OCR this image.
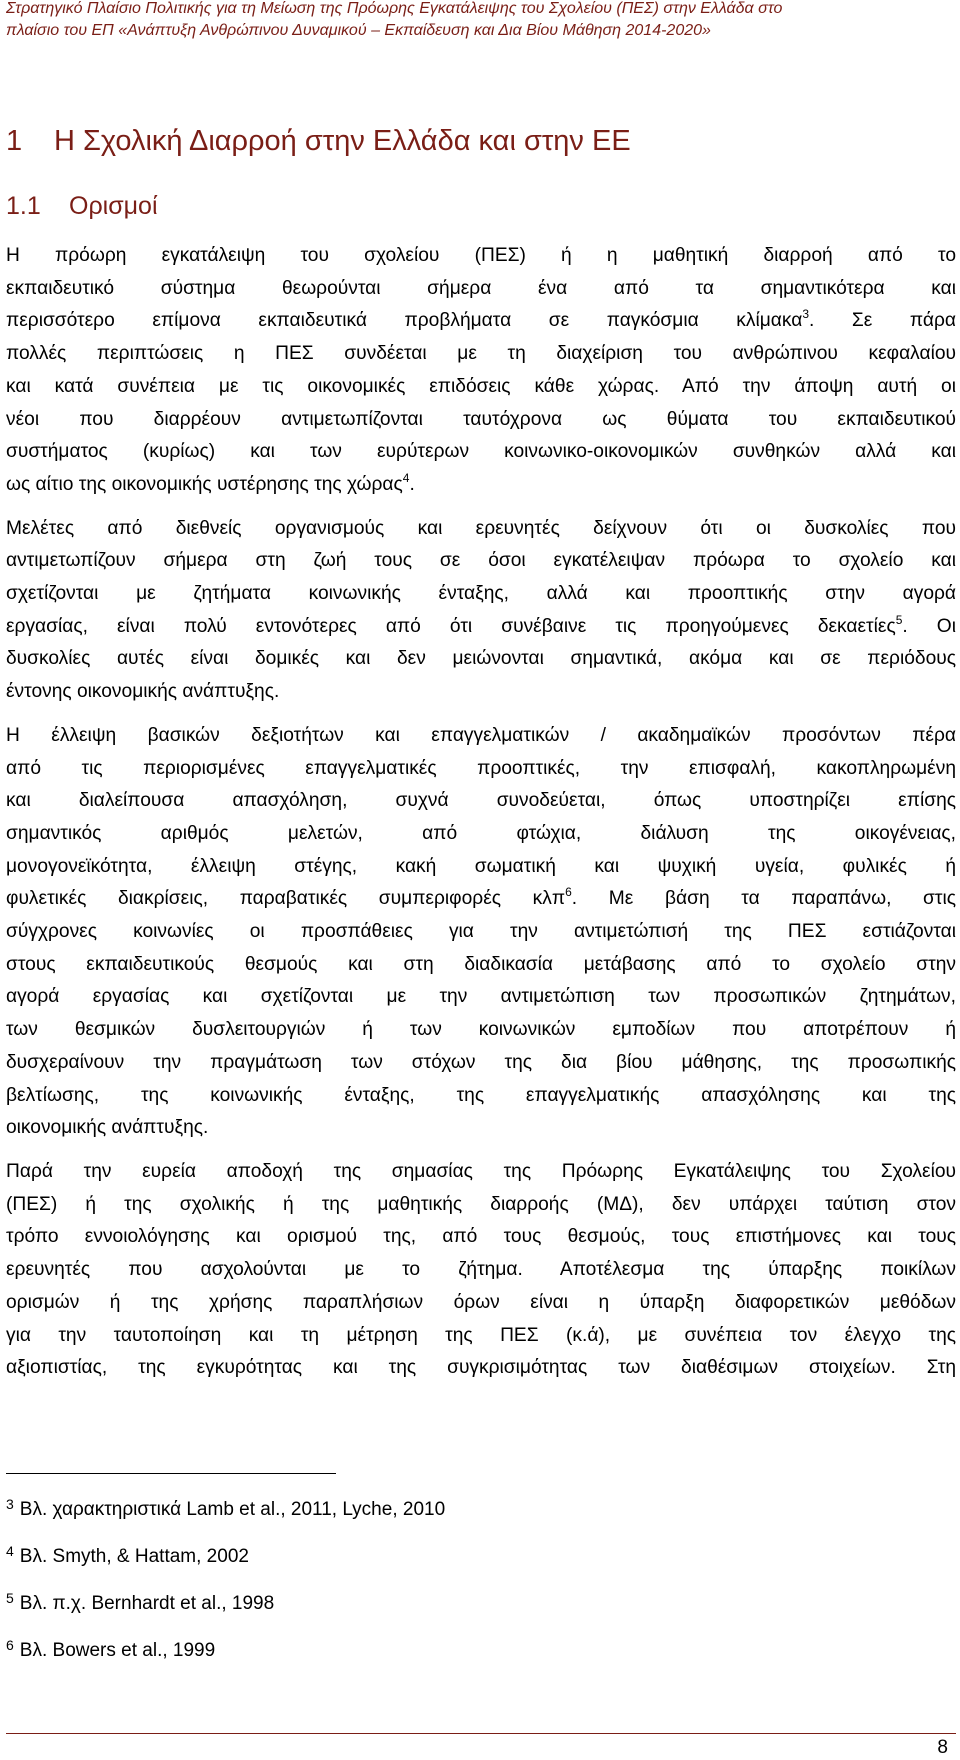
Στρατηγικό Πλαίσιο Πολιτικής για τη Μείωση της Πρόωρης Εγκατάλειψης του Σχολείου (ΠΕΣ) στην Ελλάδα στο
πλαίσιο του ΕΠ «Ανάπτυξη Ανθρώπινου Δυναμικού – Εκπαίδευση και Δια Βίου Μάθηση 2014-2020»
1 Η Σχολική Διαρροή στην Ελλάδα και στην ΕΕ
1.1 Ορισμοί

Η πρόωρη εγκατάλειψη του σχολείου (ΠΕΣ) ή η μαθητική διαρροή από το
εκπαιδευτικό σύστημα θεωρούνται σήμερα ένα από τα σημαντικότερα και
περισσότερο επίμονα εκπαιδευτικά προβλήματα σε παγκόσμια κλίμακα$^3$. Σε πάρα
πολλές περιπτώσεις η ΠΕΣ συνδέεται με τη διαχείριση του ανθρώπινου κεφαλαίου
και κατά συνέπεια με τις οικονομικές επιδόσεις κάθε χώρας. Από την άποψη αυτή οι
νέοι που διαρρέουν αντιμετωπίζονται ταυτόχρονα ως θύματα του εκπαιδευτικού
συστήματος (κυρίως) και των ευρύτερων κοινωνικο-οικονομικών συνθηκών αλλά και
ως αίτιο της οικονομικής υστέρησης της χώρας$^4$.

Μελέτες από διεθνείς οργανισμούς και ερευνητές δείχνουν ότι οι δυσκολίες που
αντιμετωπίζουν σήμερα στη ζωή τους σε όσοι εγκατέλειψαν πρόωρα το σχολείο και
σχετίζονται με ζητήματα κοινωνικής ένταξης, αλλά και προοπτικής στην αγορά
εργασίας, είναι πολύ εντονότερες από ότι συνέβαινε τις προηγούμενες δεκαετίες$^5$. Οι
δυσκολίες αυτές είναι δομικές και δεν μειώνονται σημαντικά, ακόμα και σε περιόδους
έντονης οικονομικής ανάπτυξης.

Η έλλειψη βασικών δεξιοτήτων και επαγγελματικών / ακαδημαϊκών προσόντων πέρα
από τις περιορισμένες επαγγελματικές προοπτικές, την επισφαλή, κακοπληρωμένη
και διαλείπουσα απασχόληση, συχνά συνοδεύεται, όπως υποστηρίζει επίσης
σημαντικός αριθμός μελετών, από φτώχια, διάλυση της οικογένειας,
μονογονεϊκότητα, έλλειψη στέγης, κακή σωματική και ψυχική υγεία, φυλικές ή
φυλετικές διακρίσεις, παραβατικές συμπεριφορές κλπ$^6$. Με βάση τα παραπάνω, στις
σύγχρονες κοινωνίες οι προσπάθειες για την αντιμετώπισή της ΠΕΣ εστιάζονται
στους εκπαιδευτικούς θεσμούς και στη διαδικασία μετάβασης από το σχολείο στην
αγορά εργασίας και σχετίζονται με την αντιμετώπιση των προσωπικών ζητημάτων,
των θεσμικών δυσλειτουργιών ή των κοινωνικών εμποδίων που αποτρέπουν ή
δυσχεραίνουν την πραγμάτωση των στόχων της δια βίου μάθησης, της προσωπικής
βελτίωσης, της κοινωνικής ένταξης, της επαγγελματικής απασχόλησης και της
οικονομικής ανάπτυξης.

Παρά την ευρεία αποδοχή της σημασίας της Πρόωρης Εγκατάλειψης του Σχολείου
(ΠΕΣ) ή της σχολικής ή της μαθητικής διαρροής (ΜΔ), δεν υπάρχει ταύτιση στον
τρόπο εννοιολόγησης και ορισμού της, από τους θεσμούς, τους επιστήμονες και τους
ερευνητές που ασχολούνται με το ζήτημα. Αποτέλεσμα της ύπαρξης ποικίλων
ορισμών ή της χρήσης παραπλήσιων όρων είναι η ύπαρξη διαφορετικών μεθόδων
για την ταυτοποίηση και τη μέτρηση της ΠΕΣ (κ.ά), με συνέπεια τον έλεγχο της
αξιοπιστίας, της εγκυρότητας και της συγκρισιμότητας των διαθέσιμων στοιχείων. Στη

$^3$ Βλ. χαρακτηριστικά Lamb et al., 2011, Lyche, 2010
$^4$ Βλ. Smyth, & Hattam, 2002
$^5$ Βλ. π.χ. Bernhardt et al., 1998
$^6$ Βλ. Bowers et al., 1999
8
